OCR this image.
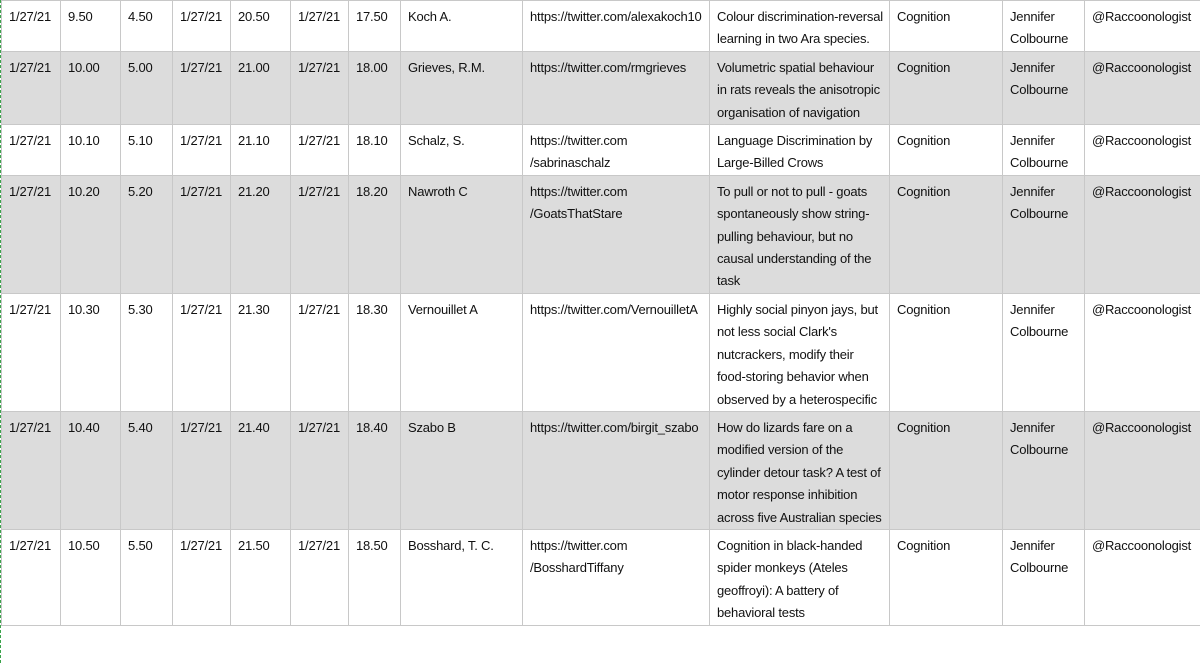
1/27/21	9.50	4.50	1/27/21	20.50	1/27/21	17.50	Koch A.	https://twitter.com/alexakoch10	Colour discrimination-reversal learning in two Ara species.	Cognition	Jennifer Colbourne	@Raccoonologist
1/27/21	10.00	5.00	1/27/21	21.00	1/27/21	18.00	Grieves, R.M.	https://twitter.com/rmgrieves	Volumetric spatial behaviour in rats reveals the anisotropic organisation of navigation	Cognition	Jennifer Colbourne	@Raccoonologist
1/27/21	10.10	5.10	1/27/21	21.10	1/27/21	18.10	Schalz, S.	https://twitter.com /sabrinaschalz	Language Discrimination by Large-Billed Crows	Cognition	Jennifer Colbourne	@Raccoonologist
1/27/21	10.20	5.20	1/27/21	21.20	1/27/21	18.20	Nawroth C	https://twitter.com /GoatsThatStare	To pull or not to pull - goats spontaneously show string-pulling behaviour, but no causal understanding of the task	Cognition	Jennifer Colbourne	@Raccoonologist
1/27/21	10.30	5.30	1/27/21	21.30	1/27/21	18.30	Vernouillet A	https://twitter.com/VernouilletA	Highly social pinyon jays, but not less social Clark's nutcrackers, modify their food-storing behavior when observed by a heterospecific	Cognition	Jennifer Colbourne	@Raccoonologist
1/27/21	10.40	5.40	1/27/21	21.40	1/27/21	18.40	Szabo B	https://twitter.com/birgit_szabo	How do lizards fare on a modified version of the cylinder detour task? A test of motor response inhibition across five Australian species	Cognition	Jennifer Colbourne	@Raccoonologist
1/27/21	10.50	5.50	1/27/21	21.50	1/27/21	18.50	Bosshard, T. C.	https://twitter.com /BosshardTiffany	Cognition in black-handed spider monkeys (Ateles geoffroyi): A battery of behavioral tests	Cognition	Jennifer Colbourne	@Raccoonologist
